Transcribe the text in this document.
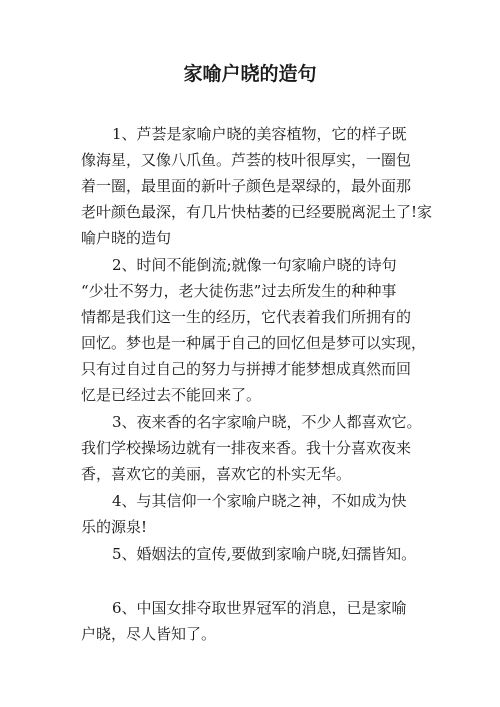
家喻户晓的造句
1、芦荟是家喻户晓的美容植物，它的样子既
像海星，又像八爪鱼。芦荟的枝叶很厚实，一圈包
着一圈，最里面的新叶子颜色是翠绿的，最外面那
老叶颜色最深，有几片快枯萎的已经要脱离泥土了!家
喻户晓的造句
2、时间不能倒流;就像一句家喻户晓的诗句
“少壮不努力，老大徒伤悲”过去所发生的种种事
情都是我们这一生的经历，它代表着我们所拥有的
回忆。梦也是一种属于自己的回忆但是梦可以实现，
只有过自过自己的努力与拼搏才能梦想成真然而回
忆是已经过去不能回来了。
3、夜来香的名字家喻户晓，不少人都喜欢它。
我们学校操场边就有一排夜来香。我十分喜欢夜来
香，喜欢它的美丽，喜欢它的朴实无华。
4、与其信仰一个家喻户晓之神，不如成为快
乐的源泉!
5、婚姻法的宣传,要做到家喻户晓,妇孺皆知。
6、中国女排夺取世界冠军的消息，已是家喻
户晓，尽人皆知了。
